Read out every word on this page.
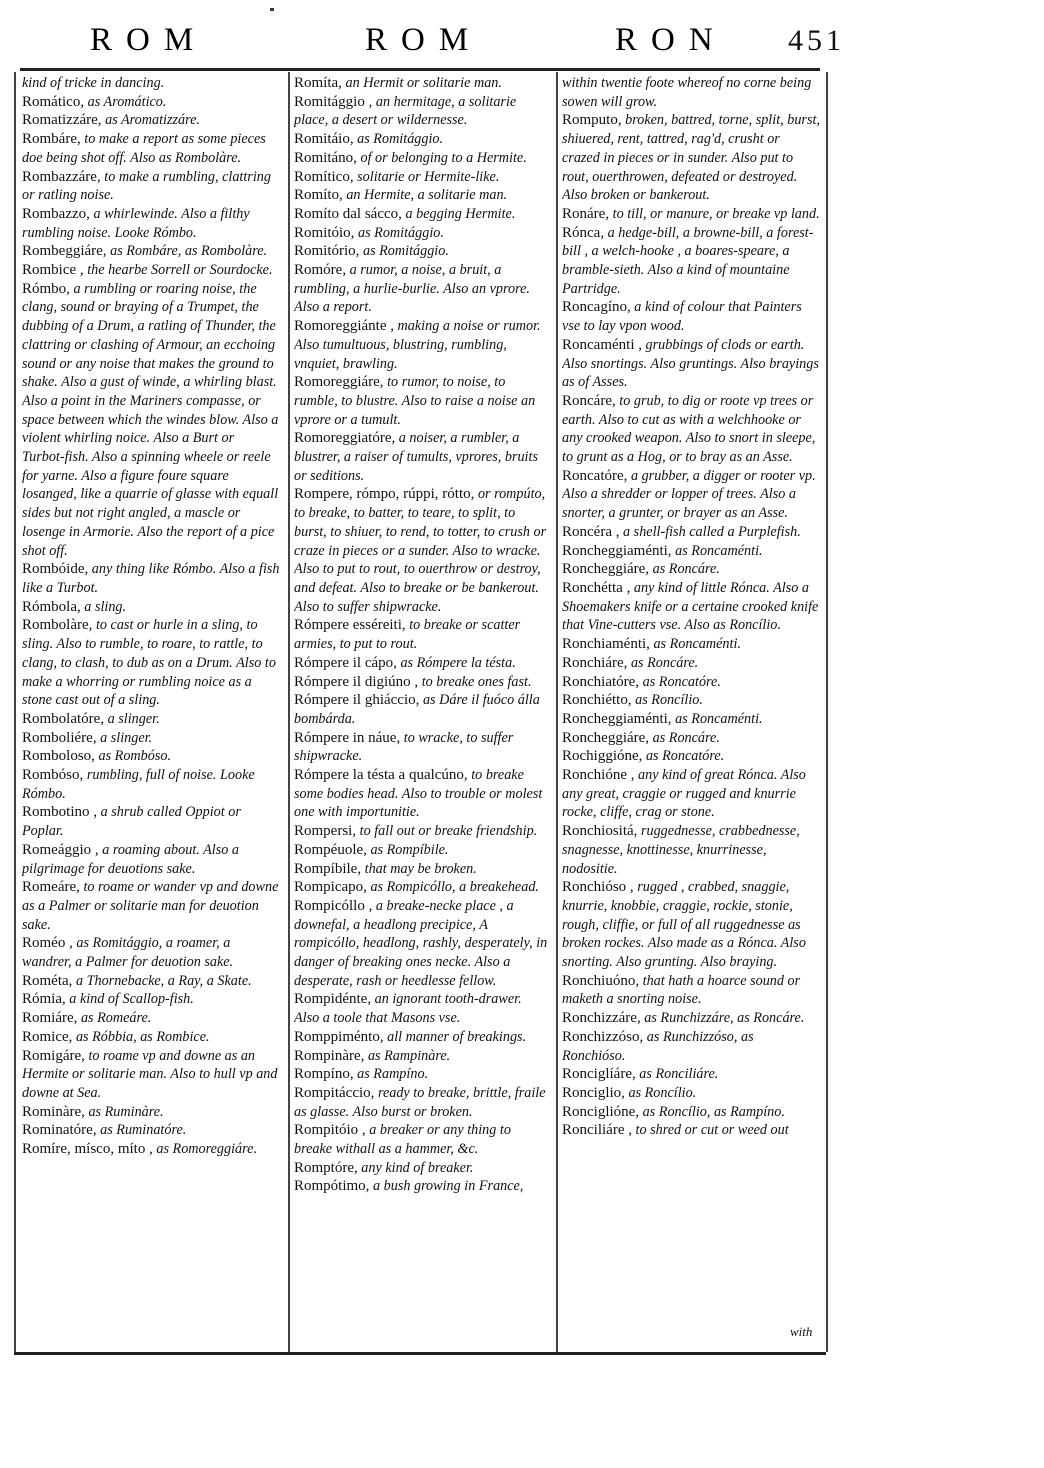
ROM	ROM	RON 451

kind of tricke in dancing.

Romático, as Aromático.

Romatizzáre, as Aromatizzáre.

Rombáre, to make a report as some pieces doe being shot off. Also as Rombolàre.

Rombazzáre, to make a rumbling, clattring or ratling noise.

Rombazzo, a whirlewinde. Also a filthy rumbling noise. Looke Rómbo.

Rombeggiáre, as Rombáre, as Rombolàre.

Rombice , the hearbe Sorrell or Sourdocke.

Rómbo, a rumbling or roaring noise, the clang, sound or braying of a Trumpet, the dubbing of a Drum, a ratling of Thunder, the clattring or clashing of Armour, an ecchoing sound or any noise that makes the ground to shake. Also a gust of winde, a whirling blast. Also a point in the Mariners compasse, or space between which the windes blow. Also a violent whirling noice. Also a Burt or Turbot-fish. Also a spinning wheele or reele for yarne. Also a figure foure square losanged, like a quarrie of glasse with equall sides but not right angled, a mascle or losenge in Armorie. Also the report of a pice shot off.

Rombóide, any thing like Rómbo. Also a fish like a Turbot.

Rómbola, a sling.

Rombolàre, to cast or hurle in a sling, to sling. Also to rumble, to roare, to rattle, to clang, to clash, to dub as on a Drum. Also to make a whorring or rumbling noice as a stone cast out of a sling.

Rombolatóre, a slinger.

Romboliére, a slinger.

Romboloso, as Rombóso.

Rombóso, rumbling, full of noise. Looke Rómbo.

Rombotino , a shrub called Oppiot or Poplar.

Romeággio , a roaming about. Also a pilgrimage for deuotions sake.

Romeáre, to roame or wander vp and downe as a Palmer or solitarie man for deuotion sake.

Roméo , as Romitággio, a roamer, a wandrer, a Palmer for deuotion sake.

Rométa, a Thornebacke, a Ray, a Skate.

Rómia, a kind of Scallop-fish.

Romiáre, as Romeáre.

Romice, as Róbbia, as Rombice.

Romigáre, to roame vp and downe as an Hermite or solitarie man. Also to hull vp and downe at Sea.

Rominàre, as Ruminàre.

Rominatóre, as Ruminatóre.

Romíre, mísco, míto , as Romoreggiáre.

Romíta, an Hermit or solitarie man.

Romitággio , an hermitage, a solitarie place, a desert or wildernesse.

Romitáio, as Romitággio.

Romitáno, of or belonging to a Hermite.

Romítico, solitarie or Hermite-like.

Romíto, an Hermite, a solitarie man.

Romíto dal sácco, a begging Hermite.

Romitóio, as Romitággio.

Romitório, as Romitággio.

Romóre, a rumor, a noise, a bruit, a rumbling, a hurlie-burlie. Also an vprore. Also a report.

Romoreggiánte , making a noise or rumor. Also tumultuous, blustring, rumbling, vnquiet, brawling.

Romoreggiáre, to rumor, to noise, to rumble, to blustre. Also to raise a noise an vprore or a tumult.

Romoreggiatóre, a noiser, a rumbler, a blustrer, a raiser of tumults, vprores, bruits or seditions.

Rompere, rómpo, rúppi, rótto, or rompúto, to breake, to batter, to teare, to split, to burst, to shiuer, to rend, to totter, to crush or craze in pieces or a sunder. Also to wracke. Also to put to rout, to ouerthrow or destroy, and defeat. Also to breake or be bankerout. Also to suffer shipwracke.

Rómpere esséreiti, to breake or scatter armies, to put to rout.

Rómpere il cápo, as Rómpere la tésta.

Rómpere il digiúno , to breake ones fast.

Rómpere il ghiáccio, as Dáre il fuóco álla bombárda.

Rómpere in náue, to wracke, to suffer shipwracke.

Rómpere la tésta a qualcúno, to breake some bodies head. Also to trouble or molest one with importunitie.

Rompersi, to fall out or breake friendship.

Rompéuole, as Rompíbile.

Rompíbile, that may be broken.

Rompicapo, as Rompicóllo, a breakehead.

Rompicóllo , a breake-necke place , a downefal, a headlong precipice, A rompicóllo, headlong, rashly, desperately, in danger of breaking ones necke. Also a desperate, rash or heedlesse fellow.

Rompidénte, an ignorant tooth-drawer. Also a toole that Masons vse.

Romppiménto, all manner of breakings.

Rompinàre, as Rampinàre.

Rompíno, as Rampíno.

Rompitáccio, ready to breake, brittle, fraile as glasse. Also burst or broken.

Rompitóio , a breaker or any thing to breake withall as a hammer, &c.

Romptóre, any kind of breaker.

Rompótimo, a bush growing in France,

within twentie foote whereof no corne being sowen will grow.

Romputo, broken, battred, torne, split, burst, shiuered, rent, tattred, rag'd, crusht or crazed in pieces or in sunder. Also put to rout, ouerthrowen, defeated or destroyed. Also broken or bankerout.

Ronáre, to till, or manure, or breake vp land.

Rónca, a hedge-bill, a browne-bill, a forest-bill , a welch-hooke , a boares-speare, a bramble-sieth. Also a kind of mountaine Partridge.

Roncagíno, a kind of colour that Painters vse to lay vpon wood.

Roncaménti , grubbings of clods or earth. Also snortings. Also gruntings. Also brayings as of Asses.

Roncáre, to grub, to dig or roote vp trees or earth. Also to cut as with a welchhooke or any crooked weapon. Also to snort in sleepe, to grunt as a Hog, or to bray as an Asse.

Roncatóre, a grubber, a digger or rooter vp. Also a shredder or lopper of trees. Also a snorter, a grunter, or brayer as an Asse.

Roncéra , a shell-fish called a Purplefish.

Roncheggiaménti, as Roncaménti.

Roncheggiáre, as Roncáre.

Ronchétta , any kind of little Rónca. Also a Shoemakers knife or a certaine crooked knife that Vine-cutters vse. Also as Roncílio.

Ronchiaménti, as Roncaménti.

Ronchiáre, as Roncáre.

Ronchiatóre, as Roncatóre.

Ronchiétto, as Roncílio.

Roncheggiaménti, as Roncaménti.

Roncheggiáre, as Roncáre.

Rochiggióne, as Roncatóre.

Ronchióne , any kind of great Rónca. Also any great, craggie or rugged and knurrie rocke, cliffe, crag or stone.

Ronchiositá, ruggednesse, crabbednesse, snagnesse, knottinesse, knurrinesse, nodositie.

Ronchióso , rugged , crabbed, snaggie, knurrie, knobbie, craggie, rockie, stonie, rough, cliffie, or full of all ruggednesse as broken rockes. Also made as a Rónca. Also snorting. Also grunting. Also braying.

Ronchiuóno, that hath a hoarce sound or maketh a snorting noise.

Ronchizzáre, as Runchizzáre, as Roncáre.

Ronchizzóso, as Runchizzóso, as Ronchióso.

Ronciglíáre, as Ronciliáre.

Ronciglio, as Roncílio.

Ronciglióne, as Roncílio, as Rampíno.

Ronciliáre , to shred or cut or weed out

with
